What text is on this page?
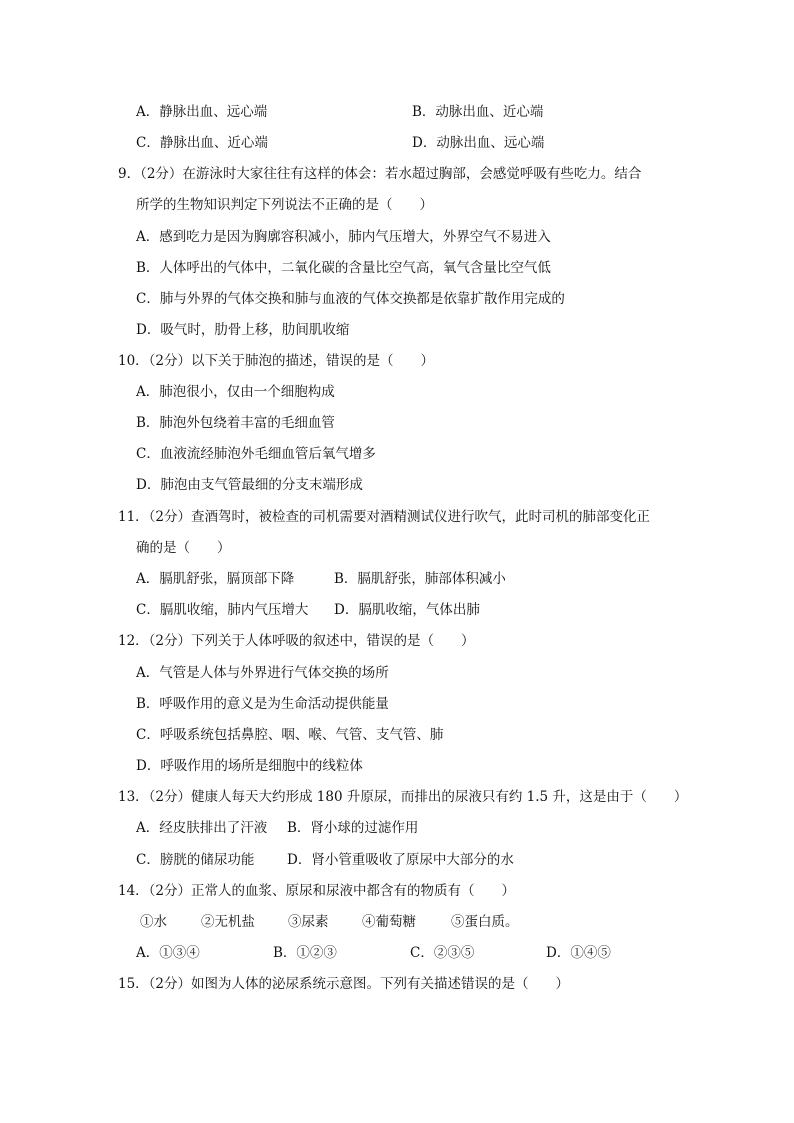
A．静脉出血、远心端	B．动脉出血、近心端
C．静脉出血、近心端	D．动脉出血、远心端
9．（2分）在游泳时大家往往有这样的体会：若水超过胸部，会感觉呼吸有些吃力。结合
所学的生物知识判定下列说法不正确的是（　　）
A．感到吃力是因为胸廓容积减小，肺内气压增大，外界空气不易进入
B．人体呼出的气体中，二氧化碳的含量比空气高，氧气含量比空气低
C．肺与外界的气体交换和肺与血液的气体交换都是依靠扩散作用完成的
D．吸气时，肋骨上移，肋间肌收缩
10．（2分）以下关于肺泡的描述，错误的是（　　）
A．肺泡很小，仅由一个细胞构成
B．肺泡外包绕着丰富的毛细血管
C．血液流经肺泡外毛细血管后氧气增多
D．肺泡由支气管最细的分支末端形成
11．（2分）查酒驾时，被检查的司机需要对酒精测试仪进行吹气，此时司机的肺部变化正
确的是（　　）
A．膈肌舒张，膈顶部下降	B．膈肌舒张，肺部体积减小
C．膈肌收缩，肺内气压增大 D．膈肌收缩，气体出肺
12．（2分）下列关于人体呼吸的叙述中，错误的是（　　）
A．气管是人体与外界进行气体交换的场所
B．呼吸作用的意义是为生命活动提供能量
C．呼吸系统包括鼻腔、咽、喉、气管、支气管、肺
D．呼吸作用的场所是细胞中的线粒体
13．（2分）健康人每天大约形成 180 升原尿，而排出的尿液只有约 1.5 升，这是由于（　　）
A．经皮肤排出了汗液 B．肾小球的过滤作用
C．膀胱的储尿功能 D．肾小管重吸收了原尿中大部分的水
14．（2分）正常人的血浆、原尿和尿液中都含有的物质有（　　）
①水	②无机盐 ③尿素 ④葡萄糖	⑤蛋白质。
A．①③④	B．①②③	C．②③⑤	D．①④⑤
15．（2分）如图为人体的泌尿系统示意图。下列有关描述错误的是（　　）
